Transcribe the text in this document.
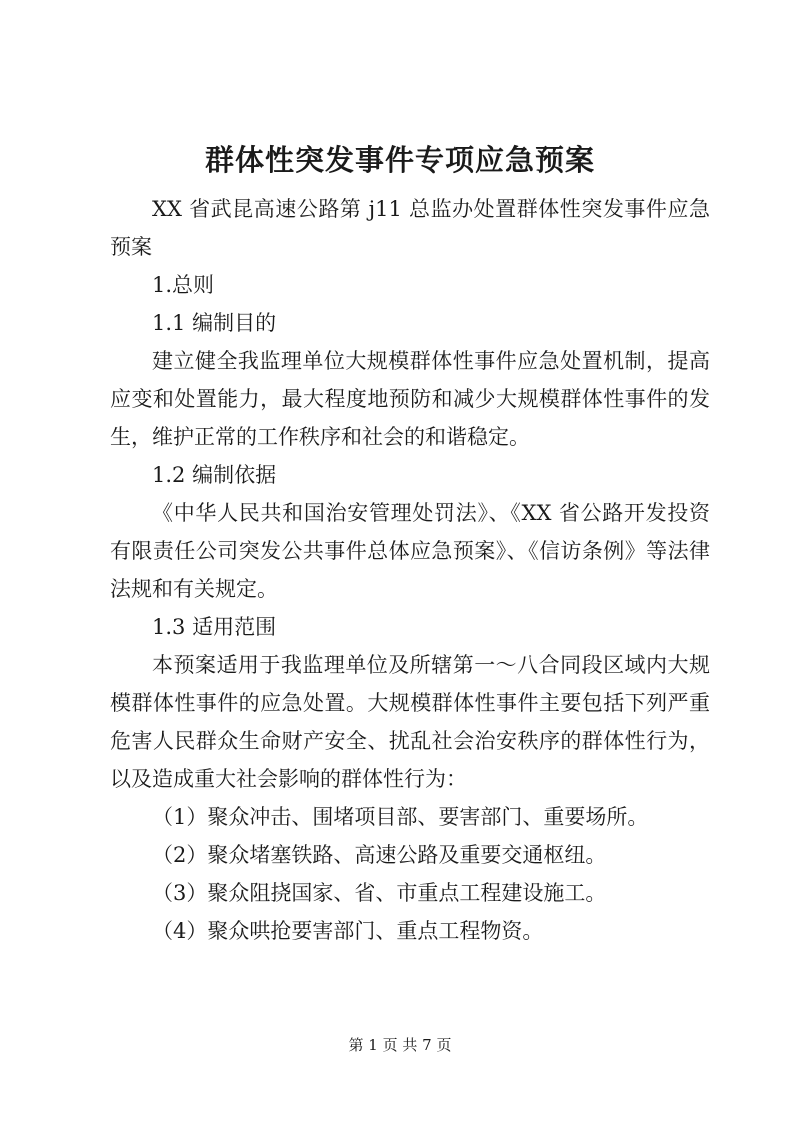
群体性突发事件专项应急预案

XX 省武昆高速公路第 j11 总监办处置群体性突发事件应急预案

1.总则

1.1 编制目的

建立健全我监理单位大规模群体性事件应急处置机制，提高应变和处置能力，最大程度地预防和减少大规模群体性事件的发生，维护正常的工作秩序和社会的和谐稳定。

1.2 编制依据

《中华人民共和国治安管理处罚法》、《XX 省公路开发投资有限责任公司突发公共事件总体应急预案》、《信访条例》等法律法规和有关规定。

1.3 适用范围

本预案适用于我监理单位及所辖第一～八合同段区域内大规模群体性事件的应急处置。大规模群体性事件主要包括下列严重危害人民群众生命财产安全、扰乱社会治安秩序的群体性行为，以及造成重大社会影响的群体性行为：

（1）聚众冲击、围堵项目部、要害部门、重要场所。

（2）聚众堵塞铁路、高速公路及重要交通枢纽。

（3）聚众阻挠国家、省、市重点工程建设施工。

（4）聚众哄抢要害部门、重点工程物资。

第 1 页 共 7 页
